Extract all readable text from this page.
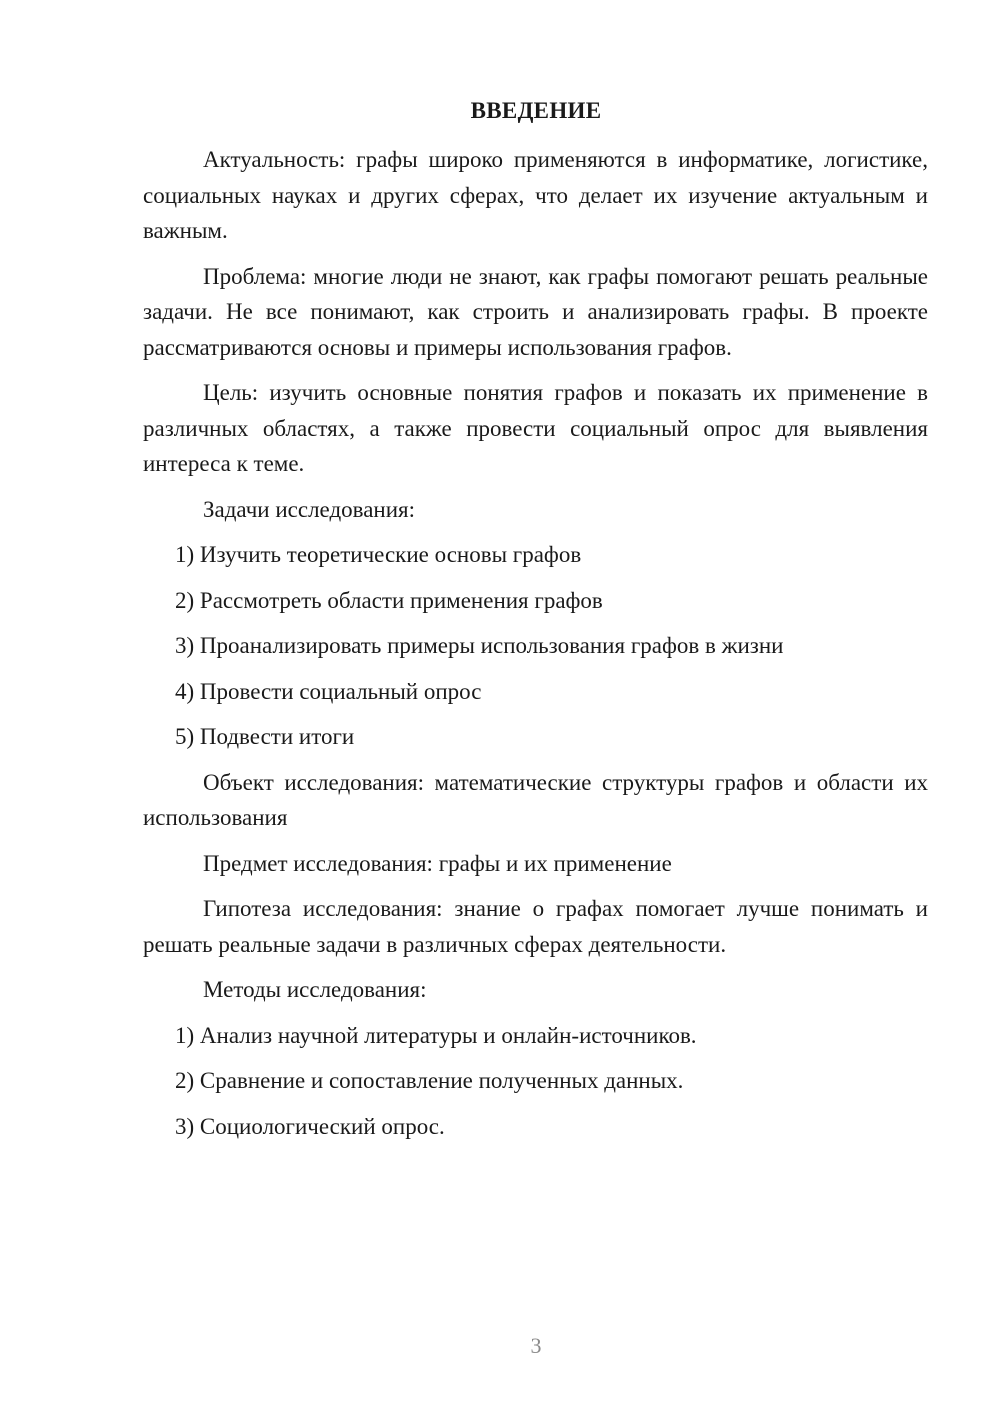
ВВЕДЕНИЕ

Актуальность: графы широко применяются в информатике, логистике, социальных науках и других сферах, что делает их изучение актуальным и важным.

Проблема: многие люди не знают, как графы помогают решать реальные задачи. Не все понимают, как строить и анализировать графы. В проекте рассматриваются основы и примеры использования графов.

Цель: изучить основные понятия графов и показать их применение в различных областях, а также провести социальный опрос для выявления интереса к теме.

Задачи исследования:

1) Изучить теоретические основы графов
2) Рассмотреть области применения графов
3) Проанализировать примеры использования графов в жизни
4) Провести социальный опрос
5) Подвести итоги

Объект исследования: математические структуры графов и области их использования

Предмет исследования: графы и их применение

Гипотеза исследования: знание о графах помогает лучше понимать и решать реальные задачи в различных сферах деятельности.

Методы исследования:

1) Анализ научной литературы и онлайн-источников.
2) Сравнение и сопоставление полученных данных.
3) Социологический опрос.
3
